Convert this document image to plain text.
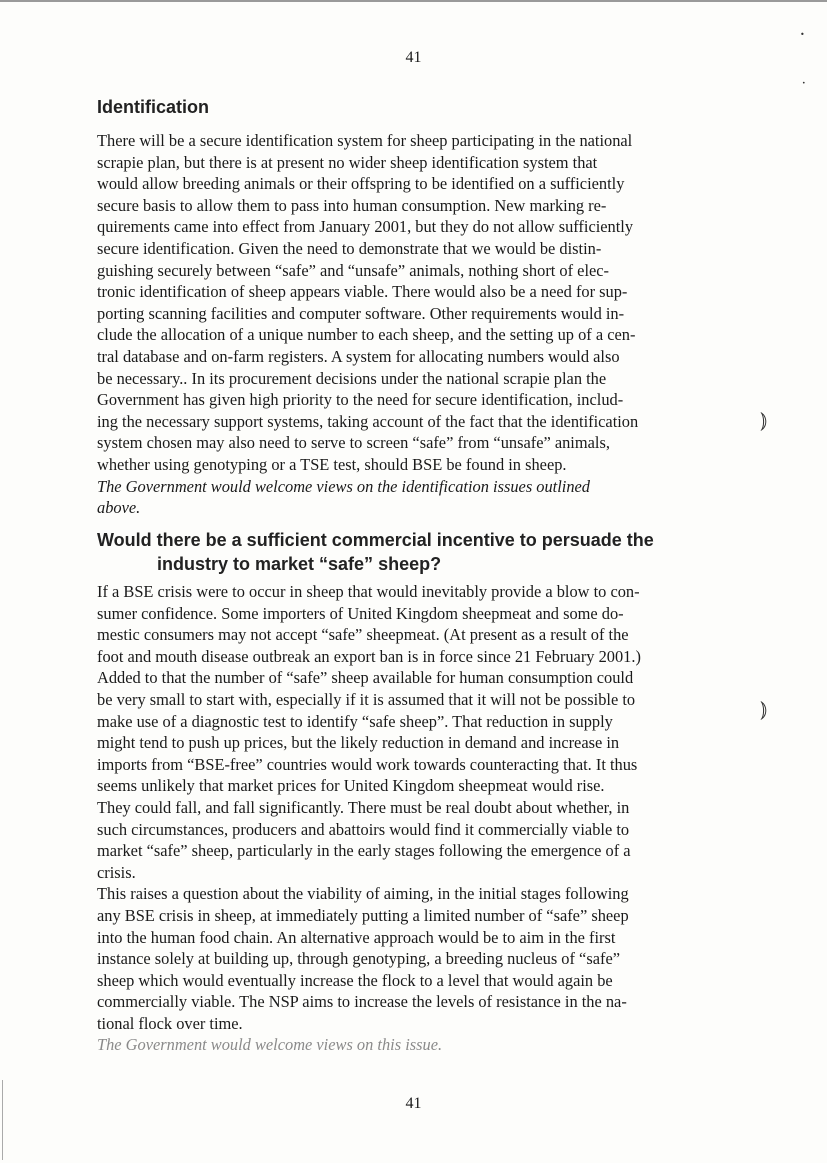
41
Identification
There will be a secure identification system for sheep participating in the national
scrapie plan, but there is at present no wider sheep identification system that
would allow breeding animals or their offspring to be identified on a sufficiently
secure basis to allow them to pass into human consumption. New marking re-
quirements came into effect from January 2001, but they do not allow sufficiently
secure identification. Given the need to demonstrate that we would be distin-
guishing securely between “safe” and “unsafe” animals, nothing short of elec-
tronic identification of sheep appears viable. There would also be a need for sup-
porting scanning facilities and computer software. Other requirements would in-
clude the allocation of a unique number to each sheep, and the setting up of a cen-
tral database and on-farm registers. A system for allocating numbers would also
be necessary.. In its procurement decisions under the national scrapie plan the
Government has given high priority to the need for secure identification, includ-
ing the necessary support systems, taking account of the fact that the identification
system chosen may also need to serve to screen “safe” from “unsafe” animals,
whether using genotyping or a TSE test, should BSE be found in sheep.
The Government would welcome views on the identification issues outlined
above.
Would there be a sufficient commercial incentive to persuade the
industry to market “safe” sheep?
If a BSE crisis were to occur in sheep that would inevitably provide a blow to con-
sumer confidence. Some importers of United Kingdom sheepmeat and some do-
mestic consumers may not accept “safe” sheepmeat. (At present as a result of the
foot and mouth disease outbreak an export ban is in force since 21 February 2001.)
Added to that the number of “safe” sheep available for human consumption could
be very small to start with, especially if it is assumed that it will not be possible to
make use of a diagnostic test to identify “safe sheep”. That reduction in supply
might tend to push up prices, but the likely reduction in demand and increase in
imports from “BSE-free” countries would work towards counteracting that. It thus
seems unlikely that market prices for United Kingdom sheepmeat would rise.
They could fall, and fall significantly. There must be real doubt about whether, in
such circumstances, producers and abattoirs would find it commercially viable to
market “safe” sheep, particularly in the early stages following the emergence of a
crisis.
This raises a question about the viability of aiming, in the initial stages following
any BSE crisis in sheep, at immediately putting a limited number of “safe” sheep
into the human food chain. An alternative approach would be to aim in the first
instance solely at building up, through genotyping, a breeding nucleus of “safe”
sheep which would eventually increase the flock to a level that would again be
commercially viable. The NSP aims to increase the levels of resistance in the na-
tional flock over time.
The Government would welcome views on this issue.
41
⦆
⦆
•
•
